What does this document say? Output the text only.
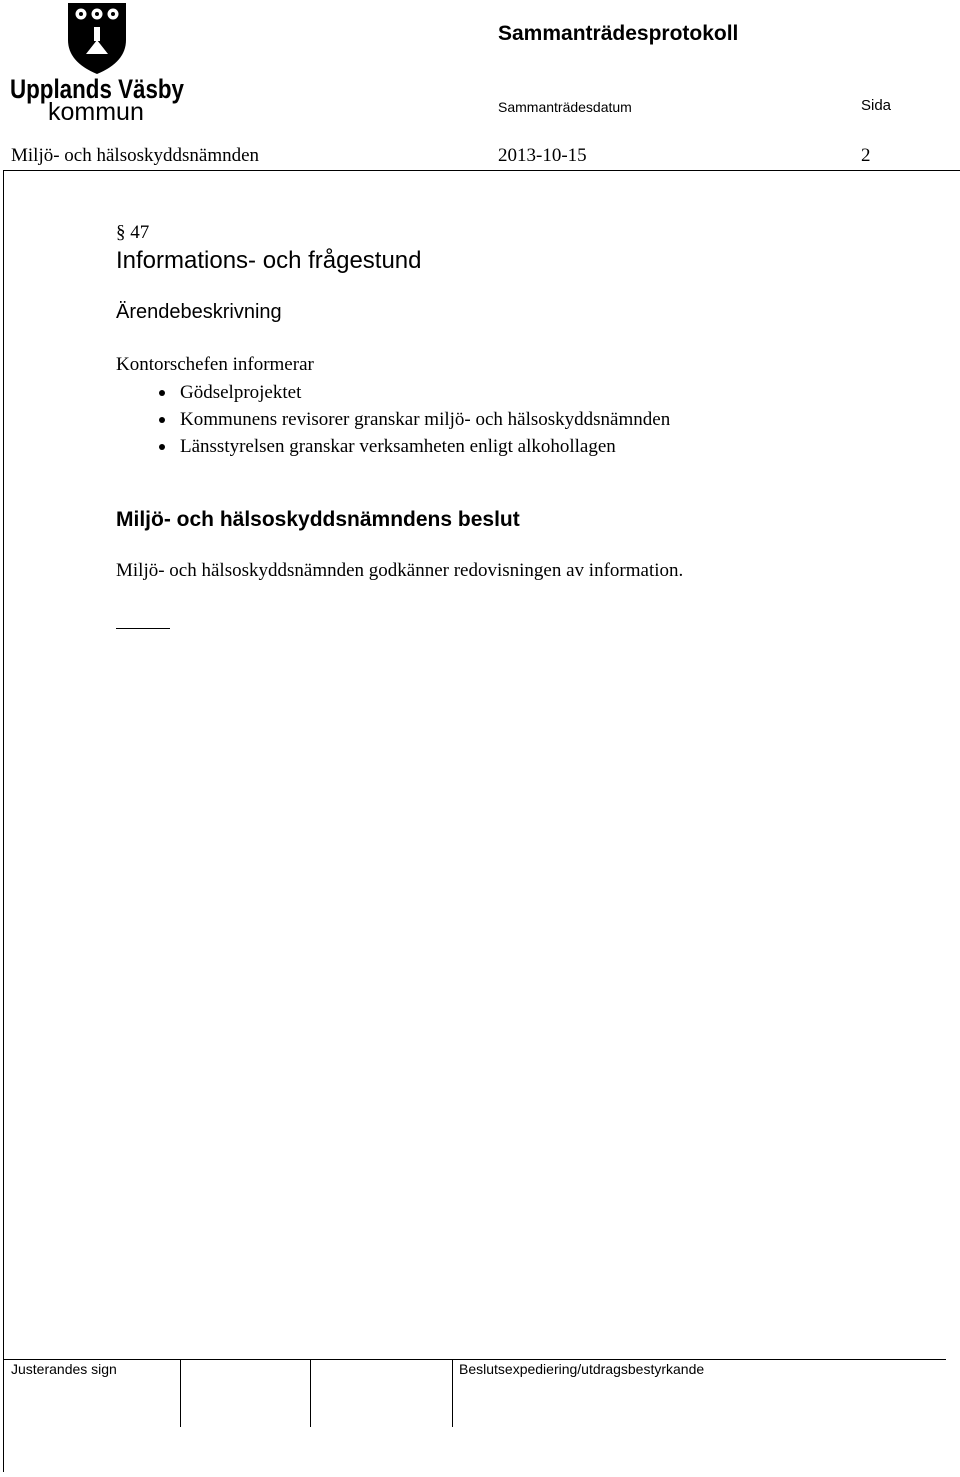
Upplands Väsby
kommun
Sammanträdesprotokoll
Sammanträdesdatum	Sida
Miljö- och hälsoskyddsnämnden	2013-10-15	2
§ 47
Informations- och frågestund
Ärendebeskrivning
Kontorschefen informerar
Gödselprojektet
Kommunens revisorer granskar miljö- och hälsoskyddsnämnden
Länsstyrelsen granskar verksamheten enligt alkohollagen
Miljö- och hälsoskyddsnämndens beslut
Miljö- och hälsoskyddsnämnden godkänner redovisningen av information.
Justerandes sign	Beslutsexpediering/utdragsbestyrkande
